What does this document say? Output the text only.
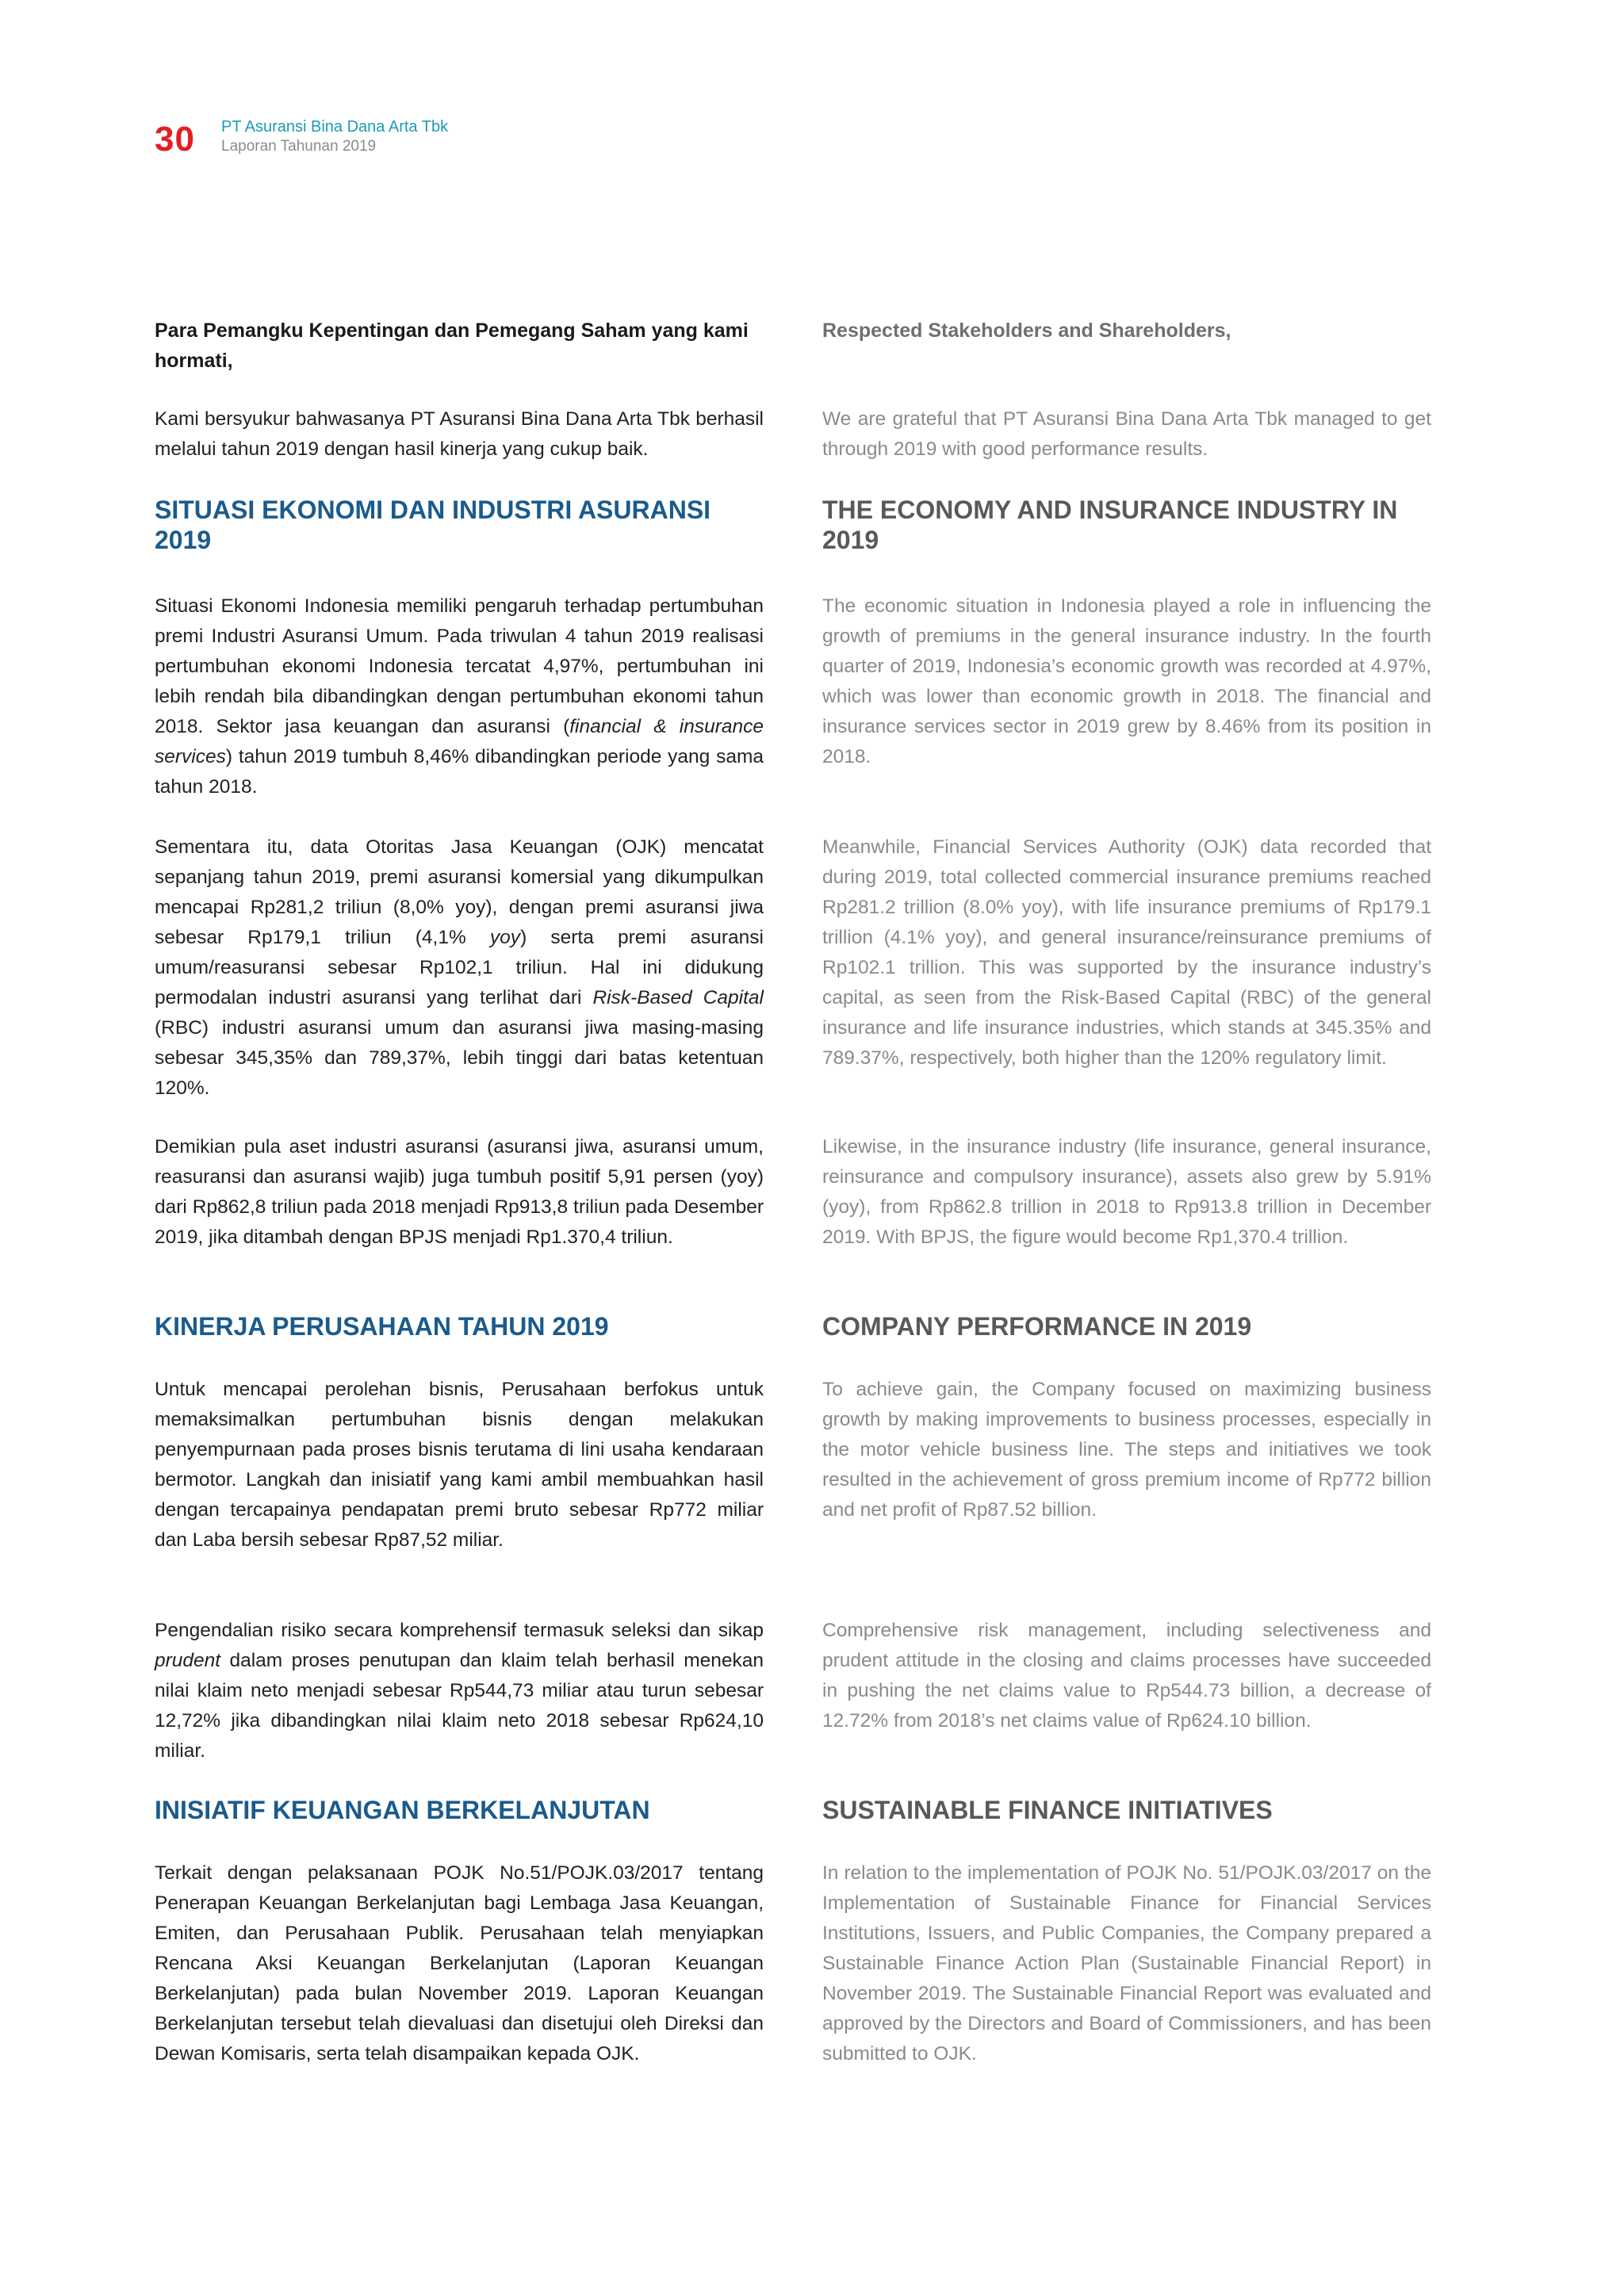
30 PT Asuransi Bina Dana Arta Tbk
Laporan Tahunan 2019
Para Pemangku Kepentingan dan Pemegang Saham yang kami hormati,

Kami bersyukur bahwasanya PT Asuransi Bina Dana Arta Tbk berhasil melalui tahun 2019 dengan hasil kinerja yang cukup baik.

SITUASI EKONOMI DAN INDUSTRI ASURANSI 2019

Situasi Ekonomi Indonesia memiliki pengaruh terhadap pertumbuhan premi Industri Asuransi Umum. Pada triwulan 4 tahun 2019 realisasi pertumbuhan ekonomi Indonesia tercatat 4,97%, pertumbuhan ini lebih rendah bila dibandingkan dengan pertumbuhan ekonomi tahun 2018. Sektor jasa keuangan dan asuransi (financial & insurance services) tahun 2019 tumbuh 8,46% dibandingkan periode yang sama tahun 2018.

Sementara itu, data Otoritas Jasa Keuangan (OJK) mencatat sepanjang tahun 2019, premi asuransi komersial yang dikumpulkan mencapai Rp281,2 triliun (8,0% yoy), dengan premi asuransi jiwa sebesar Rp179,1 triliun (4,1% yoy) serta premi asuransi umum/reasuransi sebesar Rp102,1 triliun. Hal ini didukung permodalan industri asuransi yang terlihat dari Risk-Based Capital (RBC) industri asuransi umum dan asuransi jiwa masing-masing sebesar 345,35% dan 789,37%, lebih tinggi dari batas ketentuan 120%.

Demikian pula aset industri asuransi (asuransi jiwa, asuransi umum, reasuransi dan asuransi wajib) juga tumbuh positif 5,91 persen (yoy) dari Rp862,8 triliun pada 2018 menjadi Rp913,8 triliun pada Desember 2019, jika ditambah dengan BPJS menjadi Rp1.370,4 triliun.

KINERJA PERUSAHAAN TAHUN 2019

Untuk mencapai perolehan bisnis, Perusahaan berfokus untuk memaksimalkan pertumbuhan bisnis dengan melakukan penyempurnaan pada proses bisnis terutama di lini usaha kendaraan bermotor. Langkah dan inisiatif yang kami ambil membuahkan hasil dengan tercapainya pendapatan premi bruto sebesar Rp772 miliar dan Laba bersih sebesar Rp87,52 miliar.

Pengendalian risiko secara komprehensif termasuk seleksi dan sikap prudent dalam proses penutupan dan klaim telah berhasil menekan nilai klaim neto menjadi sebesar Rp544,73 miliar atau turun sebesar 12,72% jika dibandingkan nilai klaim neto 2018 sebesar Rp624,10 miliar.

INISIATIF KEUANGAN BERKELANJUTAN

Terkait dengan pelaksanaan POJK No.51/POJK.03/2017 tentang Penerapan Keuangan Berkelanjutan bagi Lembaga Jasa Keuangan, Emiten, dan Perusahaan Publik. Perusahaan telah menyiapkan Rencana Aksi Keuangan Berkelanjutan (Laporan Keuangan Berkelanjutan) pada bulan November 2019. Laporan Keuangan Berkelanjutan tersebut telah dievaluasi dan disetujui oleh Direksi dan Dewan Komisaris, serta telah disampaikan kepada OJK.

Respected Stakeholders and Shareholders,

We are grateful that PT Asuransi Bina Dana Arta Tbk managed to get through 2019 with good performance results.

THE ECONOMY AND INSURANCE INDUSTRY IN 2019

The economic situation in Indonesia played a role in influencing the growth of premiums in the general insurance industry. In the fourth quarter of 2019, Indonesia’s economic growth was recorded at 4.97%, which was lower than economic growth in 2018. The financial and insurance services sector in 2019 grew by 8.46% from its position in 2018.

Meanwhile, Financial Services Authority (OJK) data recorded that during 2019, total collected commercial insurance premiums reached Rp281.2 trillion (8.0% yoy), with life insurance premiums of Rp179.1 trillion (4.1% yoy), and general insurance/reinsurance premiums of Rp102.1 trillion. This was supported by the insurance industry’s capital, as seen from the Risk-Based Capital (RBC) of the general insurance and life insurance industries, which stands at 345.35% and 789.37%, respectively, both higher than the 120% regulatory limit.

Likewise, in the insurance industry (life insurance, general insurance, reinsurance and compulsory insurance), assets also grew by 5.91% (yoy), from Rp862.8 trillion in 2018 to Rp913.8 trillion in December 2019. With BPJS, the figure would become Rp1,370.4 trillion.

COMPANY PERFORMANCE IN 2019

To achieve gain, the Company focused on maximizing business growth by making improvements to business processes, especially in the motor vehicle business line. The steps and initiatives we took resulted in the achievement of gross premium income of Rp772 billion and net profit of Rp87.52 billion.

Comprehensive risk management, including selectiveness and prudent attitude in the closing and claims processes have succeeded in pushing the net claims value to Rp544.73 billion, a decrease of 12.72% from 2018’s net claims value of Rp624.10 billion.

SUSTAINABLE FINANCE INITIATIVES

In relation to the implementation of POJK No. 51/POJK.03/2017 on the Implementation of Sustainable Finance for Financial Services Institutions, Issuers, and Public Companies, the Company prepared a Sustainable Finance Action Plan (Sustainable Financial Report) in November 2019. The Sustainable Financial Report was evaluated and approved by the Directors and Board of Commissioners, and has been submitted to OJK.
